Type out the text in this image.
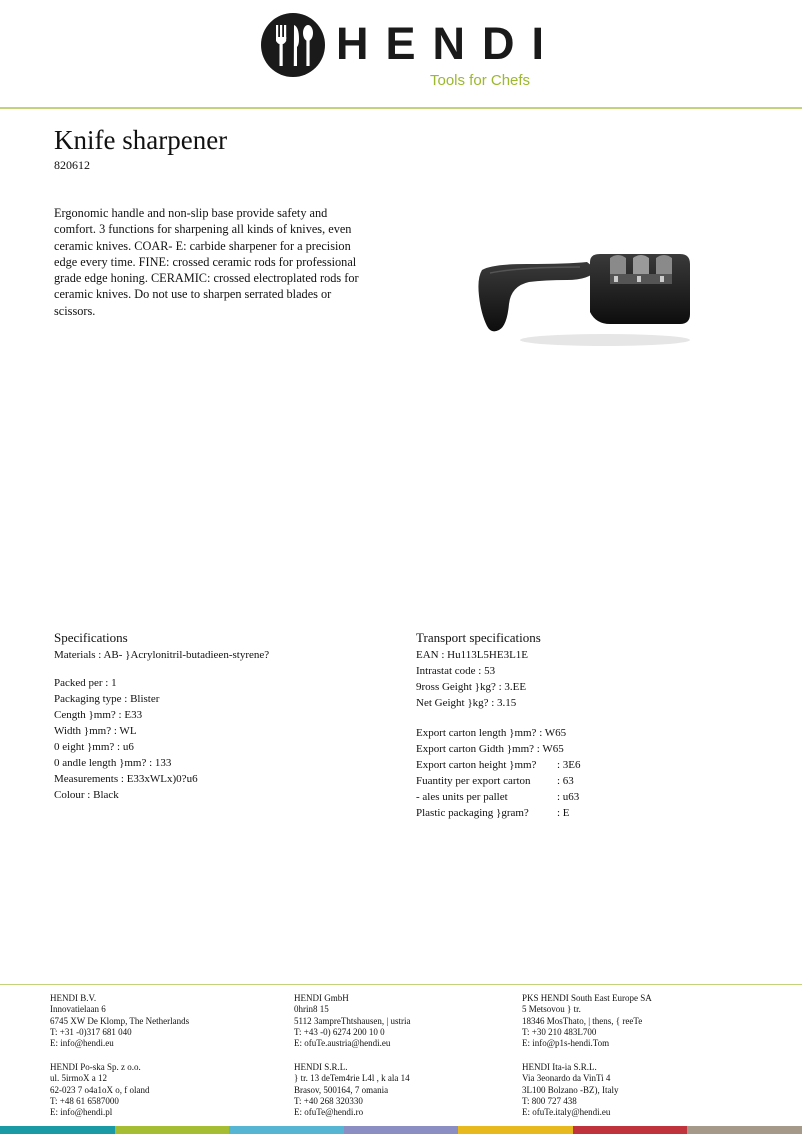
HENDI
Tools for Chefs
Knife sharpener
820612
Ergonomic handle and non-slip base provide safety and comfort. 3 functions for sharpening all kinds of knives, even ceramic knives. COAR- E: carbide sharpener for a precision edge every time. FINE: crossed ceramic rods for professional grade edge honing. CERAMIC: crossed electroplated rods for ceramic knives. Do not use to sharpen serrated blades or scissors.
Specifications
Materials : AB- }Acrylonitril-butadieen-styrene?
Packed per : 1
Packaging type : Blister
Cength }mm? : E33
Width }mm? : WL
0 eight }mm? : u6
0 andle length }mm? : 133
Measurements : E33xWLx)0?u6
Colour : Black
Transport specifications
EAN : Hu113L5HE3L1E
Intrastat code : 53
9ross Geight }kg? : 3.EE
Net Geight }kg? : 3.15
Export carton length }mm? : W65
Export carton Gidth }mm? : W65
Export carton height }mm? : 3E6
Fuantity per export carton : 63
- ales units per pallet	: u63
Plastic packaging }gram?	: E
HENDI B.V.
Innovatielaan 6
6745 XW De Klomp, The Netherlands
T: +31 -0)317 681 040
E: info@hendi.eu
HENDI GmbH
0hrin8 15
5112 3ampreThtshausen, | ustria
T: +43 -0) 6274 200 10 0
E: ofuTe.austria@hendi.eu
PKS HENDI South East Europe SA
5 Metsovou } tr.
18346 MosThato, | thens, { reeTe
T: +30 210 483L700
E: info@p1s-hendi.Tom
HENDI Po-ska Sp. z o.o.
ul. 5irmoX a 12
62-023 7 o4a1oX o, f oland
T: +48 61 6587000
E: info@hendi.pl
HENDI S.R.L.
} tr. 13 deTem4rie L4l , k ala 14
Brasov, 500164, 7 omania
T: +40 268 320330
E: ofuTe@hendi.ro
HENDI Ita-ia S.R.L.
Via 3eonardo da VinTi 4
3L100 Bolzano -BZ), Italy
T: 800 727 438
E: ofuTe.italy@hendi.eu
